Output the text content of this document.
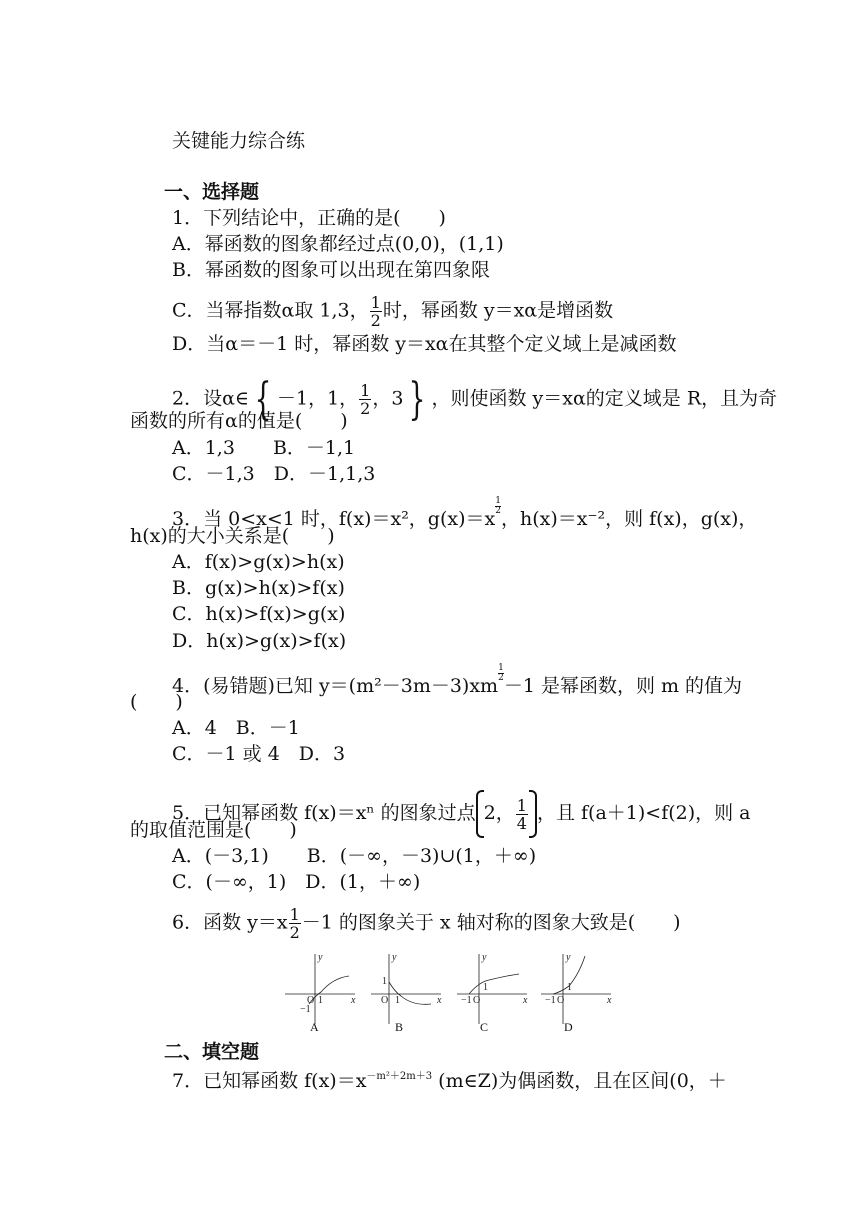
关键能力综合练
一、选择题
1．下列结论中，正确的是(　　)
A．幂函数的图象都经过点(0,0)，(1,1)
B．幂函数的图象可以出现在第四象限
C．当幂指数α取 1,3， $\frac{1}{2}$ 时，幂函数 y＝xα是增函数
D．当α＝－1 时，幂函数 y＝xα在其整个定义域上是减函数
2．设α∈ { －1，1， $\frac{1}{2}$ ，3 } ，则使函数 y＝xα的定义域是 R，且为奇
函数的所有α的值是(　　)
A．1,3　　B．－1,1
C．－1,3　D．－1,1,3
3．当 0<x<1 时，f(x)＝x²，g(x)＝x
$\frac{1}{2}$
，h(x)＝x⁻²，则 f(x)，g(x)，
h(x)的大小关系是(　　)
A．f(x)>g(x)>h(x)
B．g(x)>h(x)>f(x)
C．h(x)>f(x)>g(x)
D．h(x)>g(x)>f(x)
4．(易错题)已知 y＝(m²－3m－3)xm
$\frac{1}{2}$
－1 是幂函数，则 m 的值为
(　　)
A．4　B．－1
C．－1 或 4　D．3
5．已知幂函数 f(x)＝xⁿ 的图象过点 2， $\frac{1}{4}$ ，且 f(a＋1)<f(2)，则 a
的取值范围是(　　)
A．(－3,1)　　B．(－∞，－3)∪(1，＋∞)
C．(－∞，1)　D．(1，＋∞)
6．函数 $y=x \frac{1}{2} -1$ 的图象关于 x 轴对称的图象大致是(　　)
y
x
O 1
−1
y
x
O
1
1
y
x
O
1
−1
y
x
O
1
−1
A	B	C	D
二、填空题
7．已知幂函数 $f(x)=x^{-m^2+2m+3}$ (m∈Z)为偶函数，且在区间(0，＋
